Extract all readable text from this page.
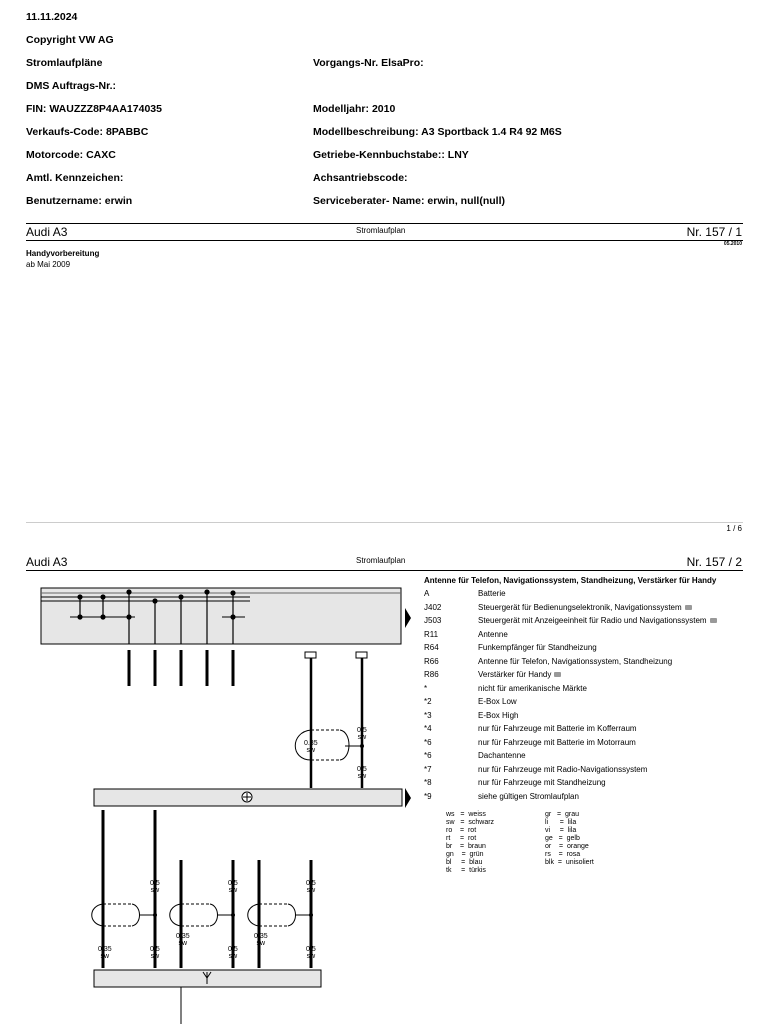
11.11.2024
Copyright VW AG
Stromlaufpläne
DMS Auftrags-Nr.:
FIN: WAUZZZ8P4AA174035
Verkaufs-Code: 8PABBC
Motorcode: CAXC
Amtl. Kennzeichen:
Benutzername: erwin
Vorgangs-Nr. ElsaPro:
Modelljahr: 2010
Modellbeschreibung: A3 Sportback 1.4 R4 92 M6S
Getriebe-Kennbuchstabe:: LNY
Achsantriebscode:
Serviceberater- Name: erwin, null(null)
Audi A3	Stromlaufplan	Nr. 157 / 1
05.2010
Handyvorbereitung
ab Mai 2009
1 / 6
Audi A3	Stromlaufplan	Nr. 157 / 2
0.35
sw
0.5
sw
0.5
sw
0.5
sw
0.5
sw
0.5
sw
0.35
sw
0.35
sw
0.35
sw
0.5
sw
0.5
sw
0.5
sw
Antenne für Telefon, Navigationssystem, Standheizung, Verstärker für Handy
A	Batterie
J402	Steuergerät für Bedienungselektronik, Navigationssystem
J503	Steuergerät mit Anzeigeeinheit für Radio und Navigationssystem
R11	Antenne
R64	Funkempfänger für Standheizung
R66	Antenne für Telefon, Navigationssystem, Standheizung
R86	Verstärker für Handy
*	nicht für amerikanische Märkte
*2	E-Box Low
*3	E-Box High
*4	nur für Fahrzeuge mit Batterie im Kofferraum
*6	nur für Fahrzeuge mit Batterie im Motorraum
*6	Dachantenne
*7	nur für Fahrzeuge mit Radio-Navigationssystem
*8	nur für Fahrzeuge mit Standheizung
*9	siehe gültigen Stromlaufplan
ws   =  weiss
sw   =  schwarz
ro    =  rot
rt     =  rot
br    =  braun
gn    =  grün
bl     =  blau
tk     =  türkis
gr   =  grau
li      =  lila
vi     =  lila
ge   =  gelb
or    =  orange
rs    =  rosa
blk  =  unisoliert
